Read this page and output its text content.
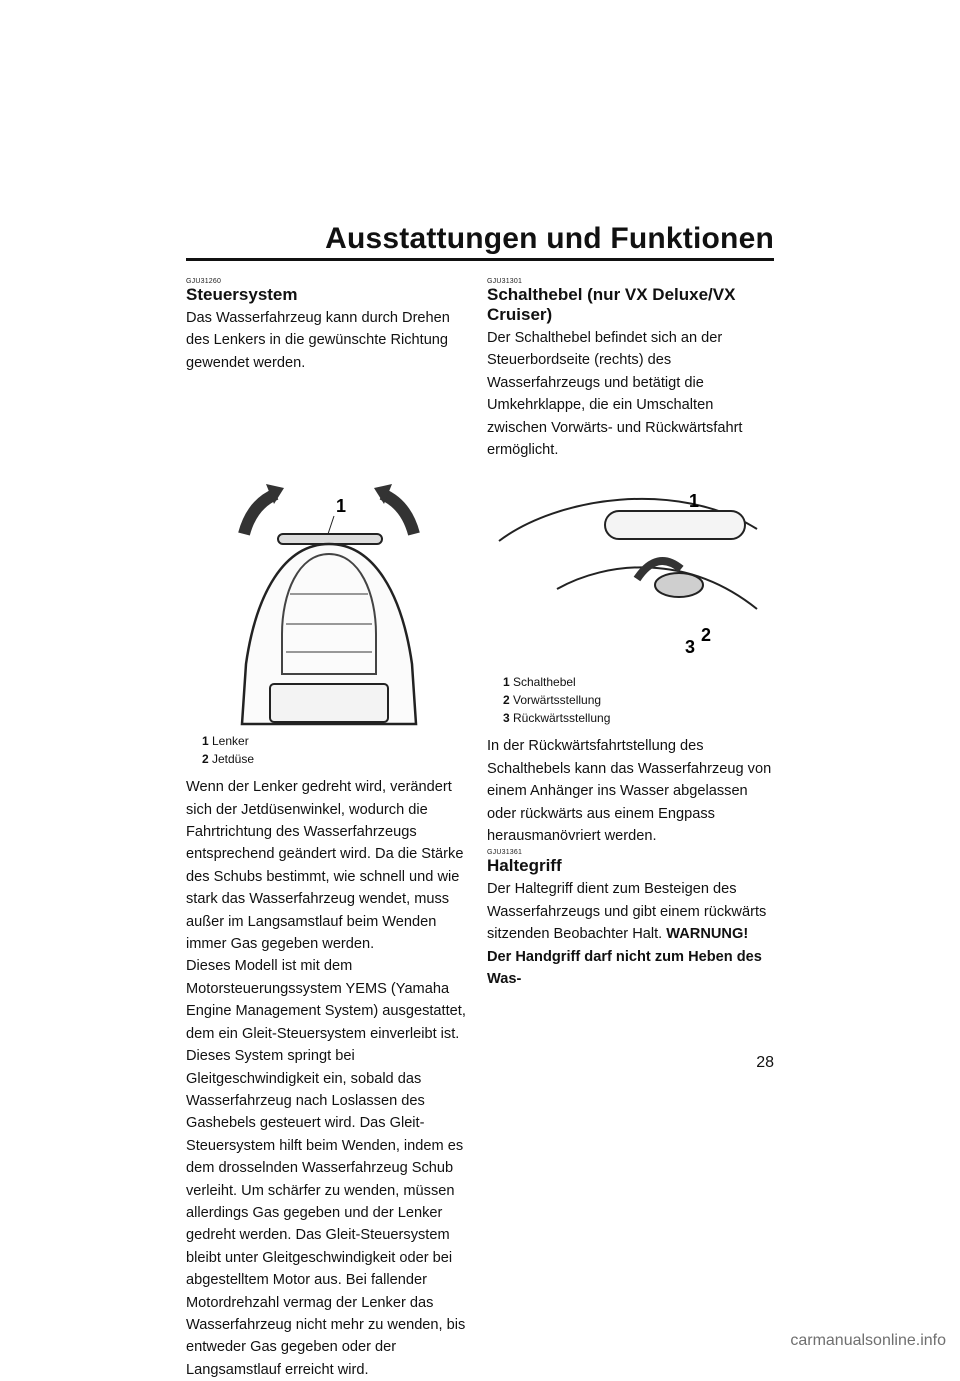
Ausstattungen und Funktionen
GJU31260
Steuersystem

Das Wasserfahrzeug kann durch Drehen des Lenkers in die gewünschte Richtung gewendet werden.

1
1 Lenker
2 Jetdüse

Wenn der Lenker gedreht wird, verändert sich der Jetdüsenwinkel, wodurch die Fahrtrichtung des Wasserfahrzeugs entsprechend geändert wird. Da die Stärke des Schubs bestimmt, wie schnell und wie stark das Wasserfahrzeug wendet, muss außer im Langsamstlauf beim Wenden immer Gas gegeben werden.

Dieses Modell ist mit dem Motorsteuerungssystem YEMS (Yamaha Engine Management System) ausgestattet, dem ein Gleit-Steuersystem einverleibt ist. Dieses System springt bei Gleitgeschwindigkeit ein, sobald das Wasserfahrzeug nach Loslassen des Gashebels gesteuert wird. Das Gleit-Steuersystem hilft beim Wenden, indem es dem drosselnden Wasserfahrzeug Schub verleiht. Um schärfer zu wenden, müssen allerdings Gas gegeben und der Lenker gedreht werden. Das Gleit-Steuersystem bleibt unter Gleitgeschwindigkeit oder bei abgestelltem Motor aus. Bei fallender Motordrehzahl vermag der Lenker das Wasserfahrzeug nicht mehr zu wenden, bis entweder Gas gegeben oder der Langsamstlauf erreicht wird.

GJU31301
Schalthebel (nur VX Deluxe/VX Cruiser)

Der Schalthebel befindet sich an der Steuerbordseite (rechts) des Wasserfahrzeugs und betätigt die Umkehrklappe, die ein Umschalten zwischen Vorwärts- und Rückwärtsfahrt ermöglicht.

1
2
3
1 Schalthebel
2 Vorwärtsstellung
3 Rückwärtsstellung

In der Rückwärtsfahrtstellung des Schalthebels kann das Wasserfahrzeug von einem Anhänger ins Wasser abgelassen oder rückwärts aus einem Engpass herausmanövriert werden.

GJU31361
Haltegriff

Der Haltegriff dient zum Besteigen des Wasserfahrzeugs und gibt einem rückwärts sitzenden Beobachter Halt. WARNUNG! Der Handgriff darf nicht zum Heben des Was-

28
carmanualsonline.info
